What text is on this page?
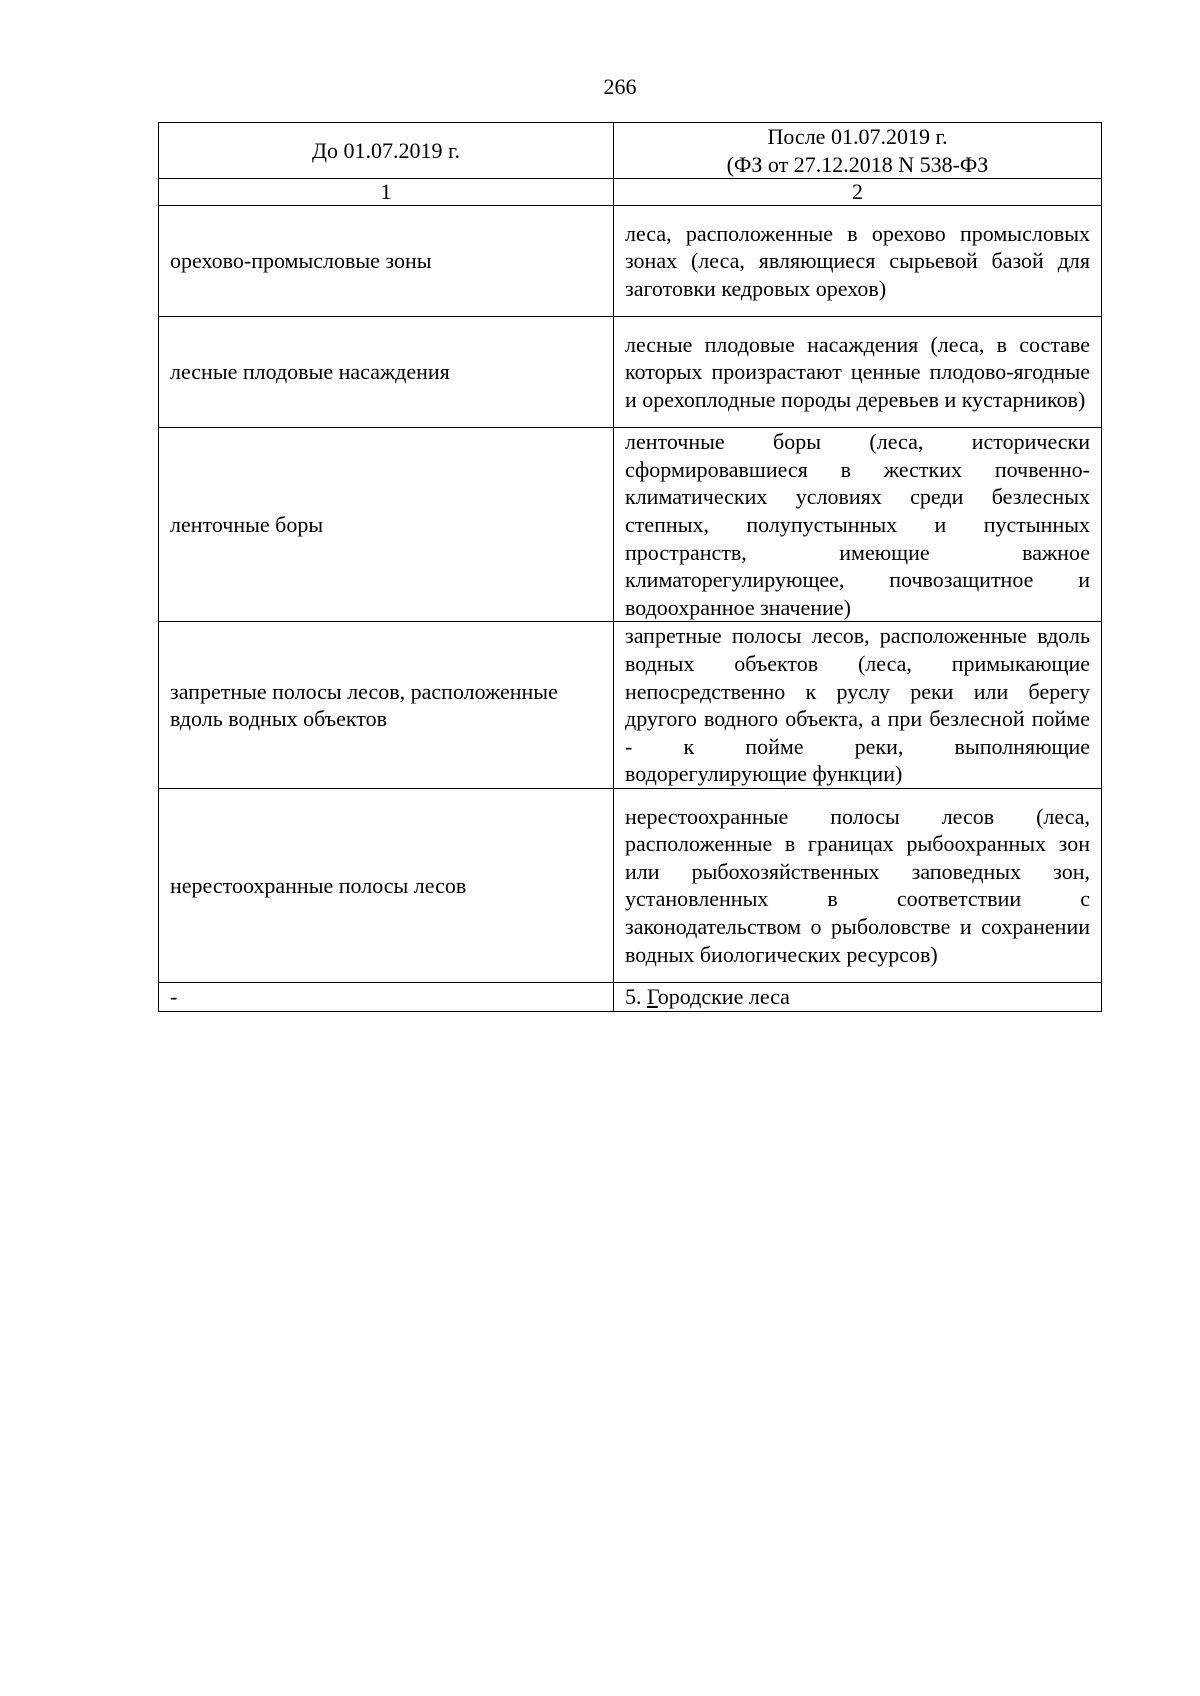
266
До 01.07.2019 г.	После 01.07.2019 г.
(ФЗ от 27.12.2018 N 538-ФЗ

1	2
орехово-промысловые зоны	леса, расположенные в орехово промысловых зонах (леса, являющиеся сырьевой базой для заготовки кедровых орехов)
лесные плодовые насаждения	лесные плодовые насаждения (леса, в составе которых произрастают ценные плодово-ягодные и орехоплодные породы деревьев и кустарников)
ленточные боры	ленточные боры (леса, исторически сформировавшиеся в жестких почвенно-климатических условиях среди безлесных степных, полупустынных и пустынных пространств, имеющие важное климаторегулирующее, почвозащитное и водоохранное значение)
запретные полосы лесов, расположенные вдоль водных объектов	запретные полосы лесов, расположенные вдоль водных объектов (леса, примыкающие непосредственно к руслу реки или берегу другого водного объекта, а при безлесной пойме - к пойме реки, выполняющие водорегулирующие функции)
нерестоохранные полосы лесов	нерестоохранные полосы лесов (леса, расположенные в границах рыбоохранных зон или рыбохозяйственных заповедных зон, установленных в соответствии с законодательством о рыболовстве и сохранении водных биологических ресурсов)
-	5. Городские леса
